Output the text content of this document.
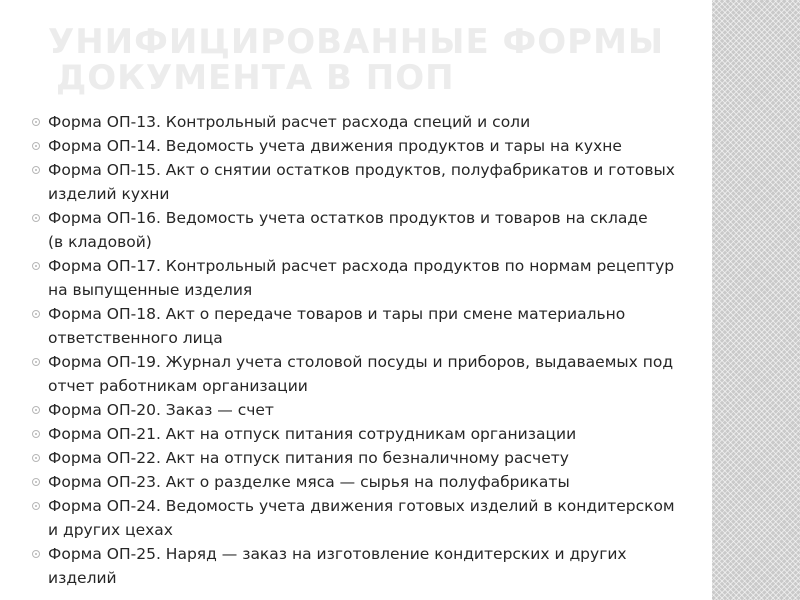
УНИФИЦИРОВАННЫЕ ФОРМЫ
ДОКУМЕНТА В ПОП
Форма ОП-13. Контрольный расчет расхода специй и соли
Форма ОП-14. Ведомость учета движения продуктов и тары на кухне
Форма ОП-15. Акт о снятии остатков продуктов, полуфабрикатов и готовых
изделий кухни
Форма ОП-16. Ведомость учета остатков продуктов и товаров на складе
(в кладовой)
Форма ОП-17. Контрольный расчет расхода продуктов по нормам рецептур
на выпущенные изделия
Форма ОП-18. Акт о передаче товаров и тары при смене материально
ответственного лица
Форма ОП-19. Журнал учета столовой посуды и приборов, выдаваемых под
отчет работникам организации
Форма ОП-20. Заказ — счет
Форма ОП-21. Акт на отпуск питания сотрудникам организации
Форма ОП-22. Акт на отпуск питания по безналичному расчету
Форма ОП-23. Акт о разделке мяса — сырья на полуфабрикаты
Форма ОП-24. Ведомость учета движения готовых изделий в кондитерском
и других цехах
Форма ОП-25. Наряд — заказ на изготовление кондитерских и других
изделий
